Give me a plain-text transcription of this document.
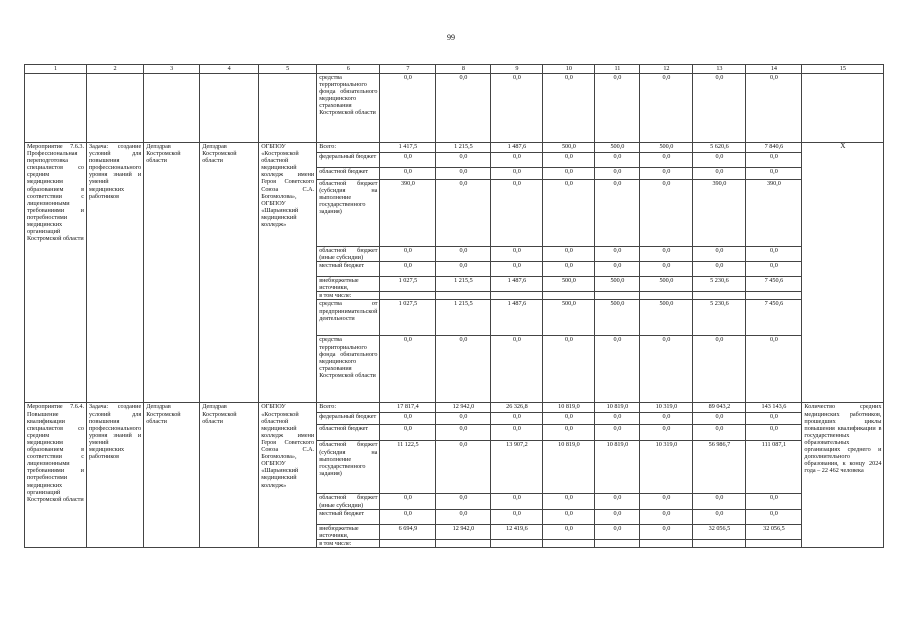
99
1	2	3	4	5	6	7	8	9	10	11	12	13	14	15
					средства территориального фонда обязательного медицинского страхования Костромской области	0,0	0,0	0,0	0,0	0,0	0,0	0,0	0,0	
Мероприятие 7.6.3. Профессиональная переподготовка специалистов со средним медицинским образованием в соответствии с лицензионными требованиями и потребностями медицинских организаций Костромской области	Задача: создание условий для повышения профессионального уровня знаний и умений медицинских работников	Депздрав Костромской области	Депздрав Костромской области	ОГБПОУ «Костромской областной медицинский колледж имени Героя Советского Союза С.А. Богомолова», ОГБПОУ «Шарьинский медицинский колледж»	Всего:	1 417,5	1 215,5	1 487,6	500,0	500,0	500,0	5 620,6	7 840,6	Х
					федеральный бюджет	0,0	0,0	0,0	0,0	0,0	0,0	0,0	0,0	
					областной бюджет	0,0	0,0	0,0	0,0	0,0	0,0	0,0	0,0	
					областной бюджет (субсидия на выполнение государственного задания)	390,0	0,0	0,0	0,0	0,0	0,0	390,0	390,0	
					областной бюджет (иные субсидии)	0,0	0,0	0,0	0,0	0,0	0,0	0,0	0,0	
					местный бюджет	0,0	0,0	0,0	0,0	0,0	0,0	0,0	0,0	
					внебюджетные источники,	1 027,5	1 215,5	1 487,6	500,0	500,0	500,0	5 230,6	7 450,6	
					в том числе:									
					средства от предпринимательской деятельности	1 027,5	1 215,5	1 487,6	500,0	500,0	500,0	5 230,6	7 450,6	
					средства территориального фонда обязательного медицинского страхования Костромской области	0,0	0,0	0,0	0,0	0,0	0,0	0,0	0,0	
Мероприятие 7.6.4. Повышение квалификации специалистов со средним медицинским образованием в соответствии с лицензионными требованиями и потребностями медицинских организаций Костромской области	Задача: создание условий для повышения профессионального уровня знаний и умений медицинских работников	Депздрав Костромской области	Депздрав Костромской области	ОГБПОУ «Костромской областной медицинский колледж имени Героя Советского Союза С.А. Богомолова», ОГБПОУ «Шарьинский медицинский колледж»	Всего:	17 817,4	12 942,0	26 326,8	10 819,0	10 819,0	10 319,0	89 043,2	143 143,6	Количество средних медицинских работников, прошедших циклы повышения квалификации в государственных образовательных организациях среднего и дополнительного образования, к концу 2024 года – 22 462 человека
					федеральный бюджет	0,0	0,0	0,0	0,0	0,0	0,0	0,0	0,0	
					областной бюджет	0,0	0,0	0,0	0,0	0,0	0,0	0,0	0,0	
					областной бюджет (субсидия на выполнение государственного задания)	11 122,5	0,0	13 907,2	10 819,0	10 819,0	10 319,0	56 986,7	111 087,1	
					областной бюджет (иные субсидии)	0,0	0,0	0,0	0,0	0,0	0,0	0,0	0,0	
					местный бюджет	0,0	0,0	0,0	0,0	0,0	0,0	0,0	0,0	
					внебюджетные источники,	6 694,9	12 942,0	12 419,6	0,0	0,0	0,0	32 056,5	32 056,5	
					в том числе:									
